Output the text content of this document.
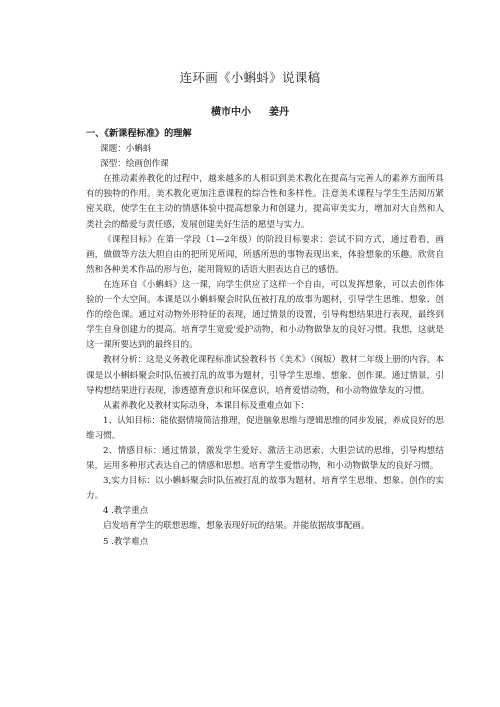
连环画《小蝌蚪》说课稿
横市中小 姜丹

一、《新课程标准》的理解

课题：小蝌蚪

深型：绘画创作课

在推动素养教化的过程中，越来越多的人相识到美术教化在提高与完善人的素养方面所具有的独特的作用。美术教化更加注意课程的综合性和多样性。注意美术课程与学生生活阅历紧密关联，使学生在主动的情感体验中提高想象力和创建力，提高审美实力，增加对大自然和人类社会的酷爱与责任感，发展创建美好生活的愿望与实力。

《课程目标》在第一学段（1—2年级）的阶段目标要求：尝试不同方式，通过看看，画画，做做等方法大胆自由的把所见所闻，所感所思的事物表现出来，体验想象的乐趣。欣赏自然和各种美术作品的形与色，能用简短的话语大胆表达自己的感悟。

在连环自《小蝌蚪》这一课，向学生供应了这样一个自由，可以发挥想象，可以去创作体验的一个大空间。本课是以小蝌蚪聚会时队伍被打乱的故事为题材，引导学生思维、想象、创作的绘色课。通过对动物外形特征的表现，通过情景的设置，引导构想结果进行表现，最终到学生自身创建力的提高。培育学生宽爱'爱护动物，和小动物做挚友的良好习惯。我想，这就是这一课所要达到的最终目的。

教材分析：这是义务教化课程标准试验教科书《美术》（闽版）教材二年级上册的内容。本课是以小蝌蚪聚会时队伍被打乱的故事为题材，引导学生思维、想象、创作课。通过情景，引导构想结果进行表现，渗透德育意识和环保意识，培育爱惜动物，和小动物做挚友的习惯。

从素养教化及教材实际动身，本课目标及重难点如下：

1、认知目标：能依据情境简洁推理，促进脑象思维与逻辑思维的同步发展，养成良好的思维习惯。

2、情感目标：通过情景，激发学生爱好、激活主动思索、大胆尝试的思维，引导构想结果，运用多种形式表达自己的情感和思想。培育学生爱惜动物，和小动物做挚友的良好习惯。

3,实力目标：以小蝌蚪聚会时队伍被打乱的故事为题材，培育学生思维、想象、创作的实力。

4 .教学重点

启发培育学生的联想思维，想象表现好玩的结果。并能依据故事配画。

5 .教学难点
